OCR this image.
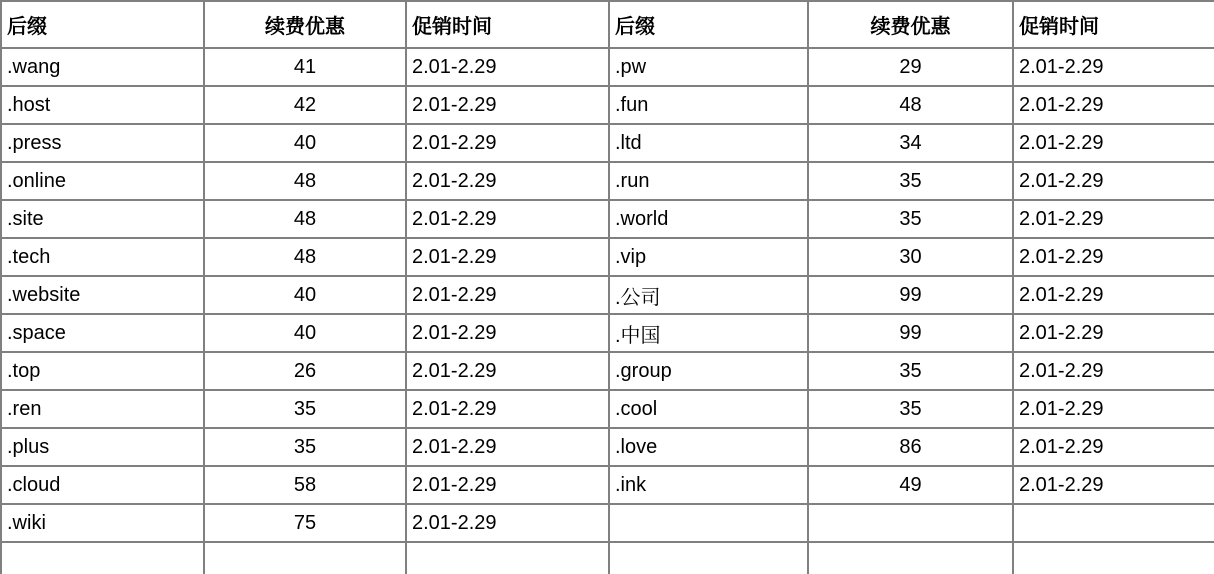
后缀	续费优惠	促销时间	后缀	续费优惠	促销时间
.wang	41	2.01-2.29	.pw	29	2.01-2.29
.host	42	2.01-2.29	.fun	48	2.01-2.29
.press	40	2.01-2.29	.ltd	34	2.01-2.29
.online	48	2.01-2.29	.run	35	2.01-2.29
.site	48	2.01-2.29	.world	35	2.01-2.29
.tech	48	2.01-2.29	.vip	30	2.01-2.29
.website	40	2.01-2.29	.公司	99	2.01-2.29
.space	40	2.01-2.29	.中国	99	2.01-2.29
.top	26	2.01-2.29	.group	35	2.01-2.29
.ren	35	2.01-2.29	.cool	35	2.01-2.29
.plus	35	2.01-2.29	.love	86	2.01-2.29
.cloud	58	2.01-2.29	.ink	49	2.01-2.29
.wiki	75	2.01-2.29			
